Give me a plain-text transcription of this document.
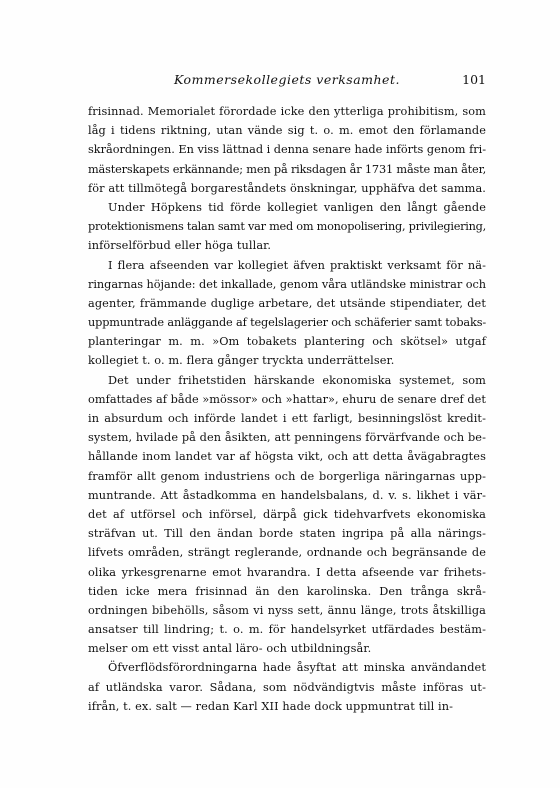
Kommersekollegiets verksamhet.	101
frisinnad. Memorialet förordade icke den ytterliga prohibitism, som
låg i tidens riktning, utan vände sig t. o. m. emot den förlamande
skråordningen. En viss lättnad i denna senare hade införts genom fri-
mästerskapets erkännande; men på riksdagen år 1731 måste man åter,
för att tillmötegå borgareståndets önskningar, upphäfva det samma.
Under Höpkens tid förde kollegiet vanligen den långt gående
protektionismens talan samt var med om monopolisering, privilegiering,
införselförbud eller höga tullar.
I flera afseenden var kollegiet äfven praktiskt verksamt för nä-
ringarnas höjande: det inkallade, genom våra utländske ministrar och
agenter, främmande duglige arbetare, det utsände stipendiater, det
uppmuntrade anläggande af tegelslagerier och schäferier samt tobaks-
planteringar m. m. »Om tobakets plantering och skötsel» utgaf
kollegiet t. o. m. flera gånger tryckta underrättelser.
Det under frihetstiden härskande ekonomiska systemet, som
omfattades af både »mössor» och »hattar», ehuru de senare dref det
in absurdum och införde landet i ett farligt, besinningslöst kredit-
system, hvilade på den åsikten, att penningens förvärfvande och be-
hållande inom landet var af högsta vikt, och att detta åvägabragtes
framför allt genom industriens och de borgerliga näringarnas upp-
muntrande. Att åstadkomma en handelsbalans, d. v. s. likhet i vär-
det af utförsel och införsel, därpå gick tidehvarfvets ekonomiska
sträfvan ut. Till den ändan borde staten ingripa på alla närings-
lifvets områden, strängt reglerande, ordnande och begränsande de
olika yrkesgrenarne emot hvarandra. I detta afseende var frihets-
tiden icke mera frisinnad än den karolinska. Den trånga skrå-
ordningen bibehölls, såsom vi nyss sett, ännu länge, trots åtskilliga
ansatser till lindring; t. o. m. för handelsyrket utfärdades bestäm-
melser om ett visst antal läro- och utbildningsår.
Öfverflödsförordningarna hade åsyftat att minska användandet
af utländska varor. Sådana, som nödvändigtvis måste införas ut-
ifrån, t. ex. salt — redan Karl XII hade dock uppmuntrat till in-
